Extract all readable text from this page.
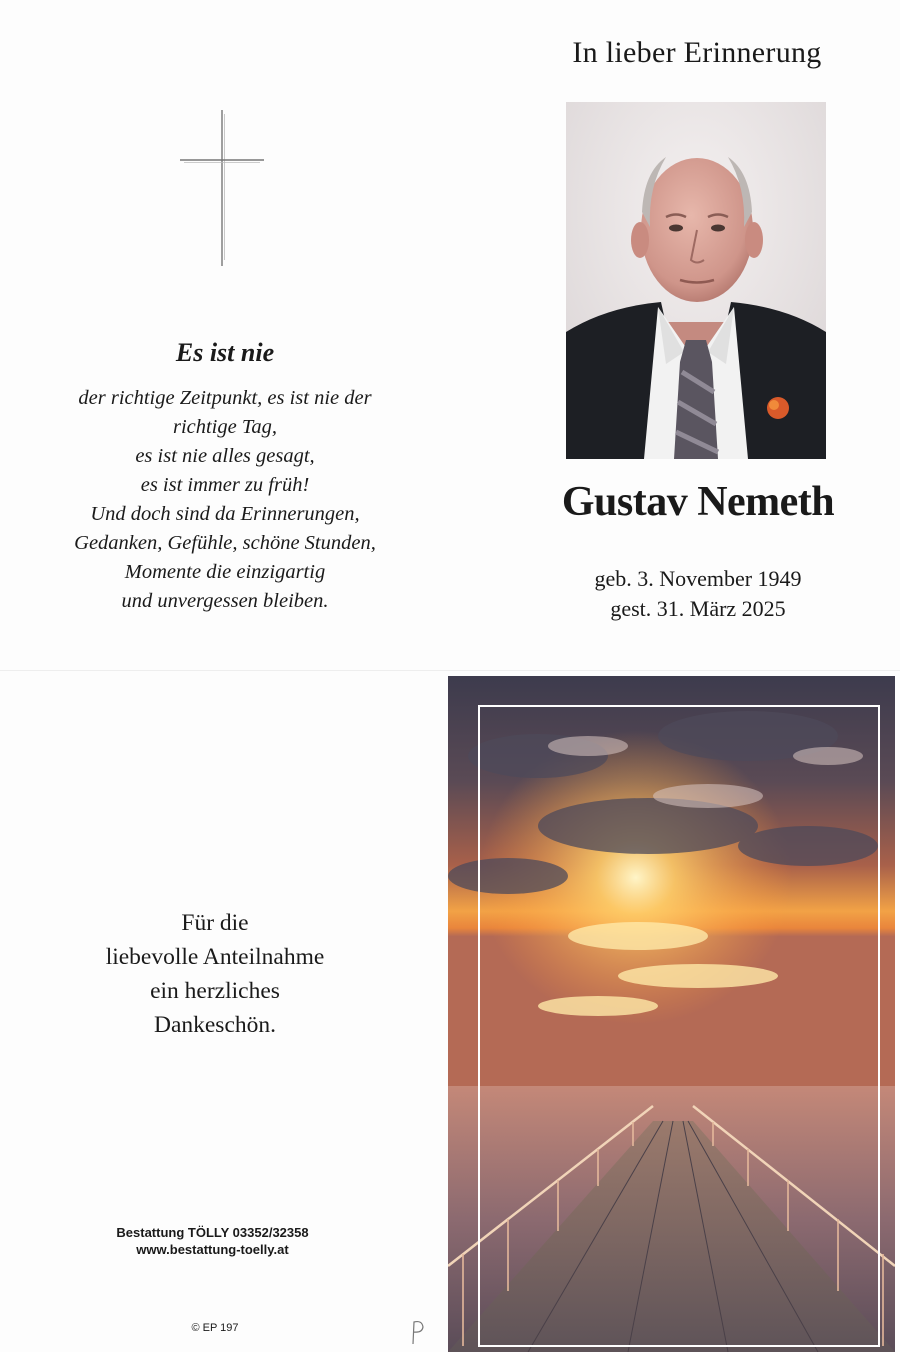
Es ist nie
der richtige Zeitpunkt, es ist nie der
richtige Tag,
es ist nie alles gesagt,
es ist immer zu früh!
Und doch sind da Erinnerungen,
Gedanken, Gefühle, schöne Stunden,
Momente die einzigartig
und unvergessen bleiben.
In lieber Erinnerung
Gustav Nemeth
geb. 3. November 1949
gest. 31. März 2025
Für die
liebevolle Anteilnahme
ein herzliches
Dankeschön.
Bestattung TÖLLY 03352/32358
www.bestattung-toelly.at
© EP 197
